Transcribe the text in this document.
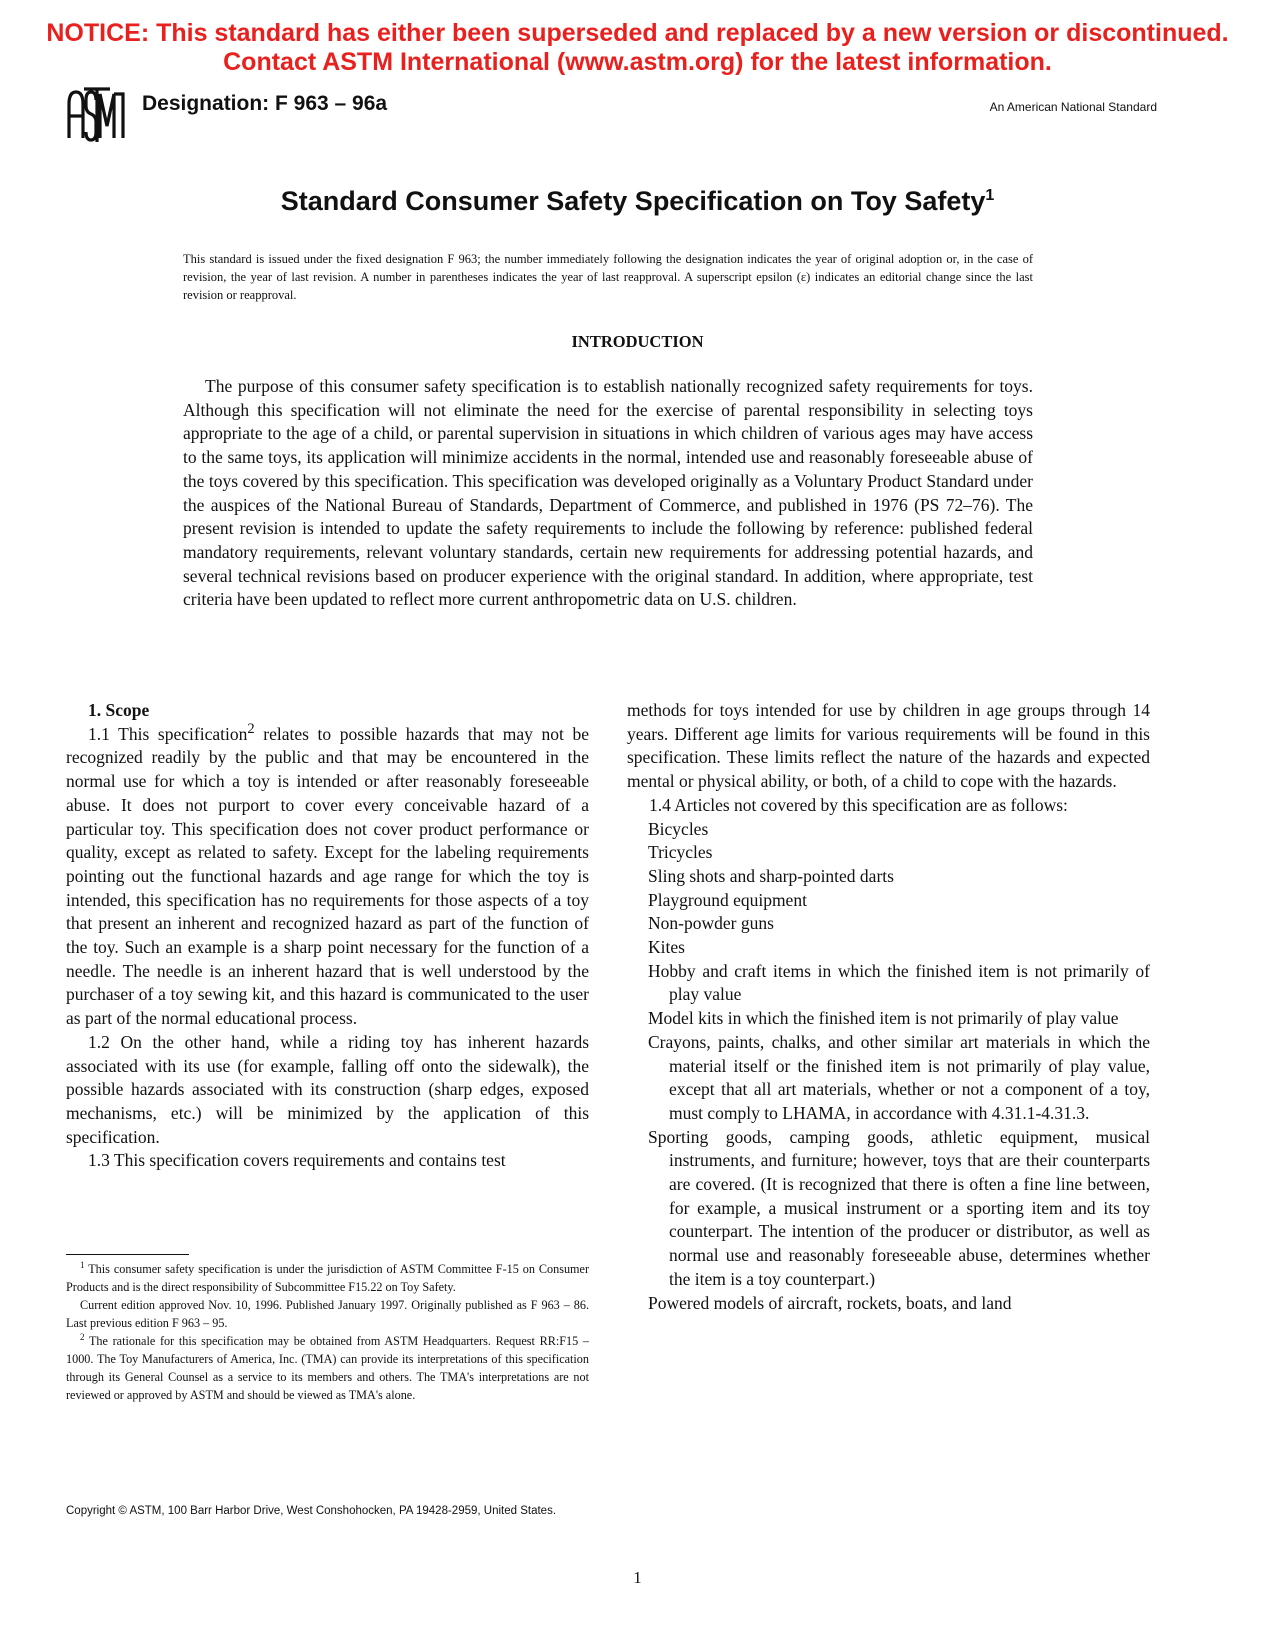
NOTICE: This standard has either been superseded and replaced by a new version or discontinued.
Contact ASTM International (www.astm.org) for the latest information.
Designation: F 963 – 96a	An American National Standard
Standard Consumer Safety Specification on Toy Safety$^1$
This standard is issued under the fixed designation F 963; the number immediately following the designation indicates the year of original adoption or, in the case of revision, the year of last revision. A number in parentheses indicates the year of last reapproval. A superscript epsilon (ε) indicates an editorial change since the last revision or reapproval.
INTRODUCTION

The purpose of this consumer safety specification is to establish nationally recognized safety requirements for toys. Although this specification will not eliminate the need for the exercise of parental responsibility in selecting toys appropriate to the age of a child, or parental supervision in situations in which children of various ages may have access to the same toys, its application will minimize accidents in the normal, intended use and reasonably foreseeable abuse of the toys covered by this specification. This specification was developed originally as a Voluntary Product Standard under the auspices of the National Bureau of Standards, Department of Commerce, and published in 1976 (PS 72–76). The present revision is intended to update the safety requirements to include the following by reference: published federal mandatory requirements, relevant voluntary standards, certain new requirements for addressing potential hazards, and several technical revisions based on producer experience with the original standard. In addition, where appropriate, test criteria have been updated to reflect more current anthropometric data on U.S. children.

1. Scope

1.1 This specification$^2$ relates to possible hazards that may not be recognized readily by the public and that may be encountered in the normal use for which a toy is intended or after reasonably foreseeable abuse. It does not purport to cover every conceivable hazard of a particular toy. This specification does not cover product performance or quality, except as related to safety. Except for the labeling requirements pointing out the functional hazards and age range for which the toy is intended, this specification has no requirements for those aspects of a toy that present an inherent and recognized hazard as part of the function of the toy. Such an example is a sharp point necessary for the function of a needle. The needle is an inherent hazard that is well understood by the purchaser of a toy sewing kit, and this hazard is communicated to the user as part of the normal educational process.

1.2 On the other hand, while a riding toy has inherent hazards associated with its use (for example, falling off onto the sidewalk), the possible hazards associated with its construction (sharp edges, exposed mechanisms, etc.) will be minimized by the application of this specification.

1.3 This specification covers requirements and contains test

methods for toys intended for use by children in age groups through 14 years. Different age limits for various requirements will be found in this specification. These limits reflect the nature of the hazards and expected mental or physical ability, or both, of a child to cope with the hazards.

1.4 Articles not covered by this specification are as follows:

Bicycles

Tricycles

Sling shots and sharp-pointed darts

Playground equipment

Non-powder guns

Kites

Hobby and craft items in which the finished item is not primarily of play value

Model kits in which the finished item is not primarily of play value

Crayons, paints, chalks, and other similar art materials in which the material itself or the finished item is not primarily of play value, except that all art materials, whether or not a component of a toy, must comply to LHAMA, in accordance with 4.31.1-4.31.3.

Sporting goods, camping goods, athletic equipment, musical instruments, and furniture; however, toys that are their counterparts are covered. (It is recognized that there is often a fine line between, for example, a musical instrument or a sporting item and its toy counterpart. The intention of the producer or distributor, as well as normal use and reasonably foreseeable abuse, determines whether the item is a toy counterpart.)

Powered models of aircraft, rockets, boats, and land

$^1$ This consumer safety specification is under the jurisdiction of ASTM Committee F-15 on Consumer Products and is the direct responsibility of Subcommittee F15.22 on Toy Safety.

Current edition approved Nov. 10, 1996. Published January 1997. Originally published as F 963 – 86. Last previous edition F 963 – 95.

$^2$ The rationale for this specification may be obtained from ASTM Headquarters. Request RR:F15 – 1000. The Toy Manufacturers of America, Inc. (TMA) can provide its interpretations of this specification through its General Counsel as a service to its members and others. The TMA's interpretations are not reviewed or approved by ASTM and should be viewed as TMA's alone.

Copyright © ASTM, 100 Barr Harbor Drive, West Conshohocken, PA 19428-2959, United States.
1
